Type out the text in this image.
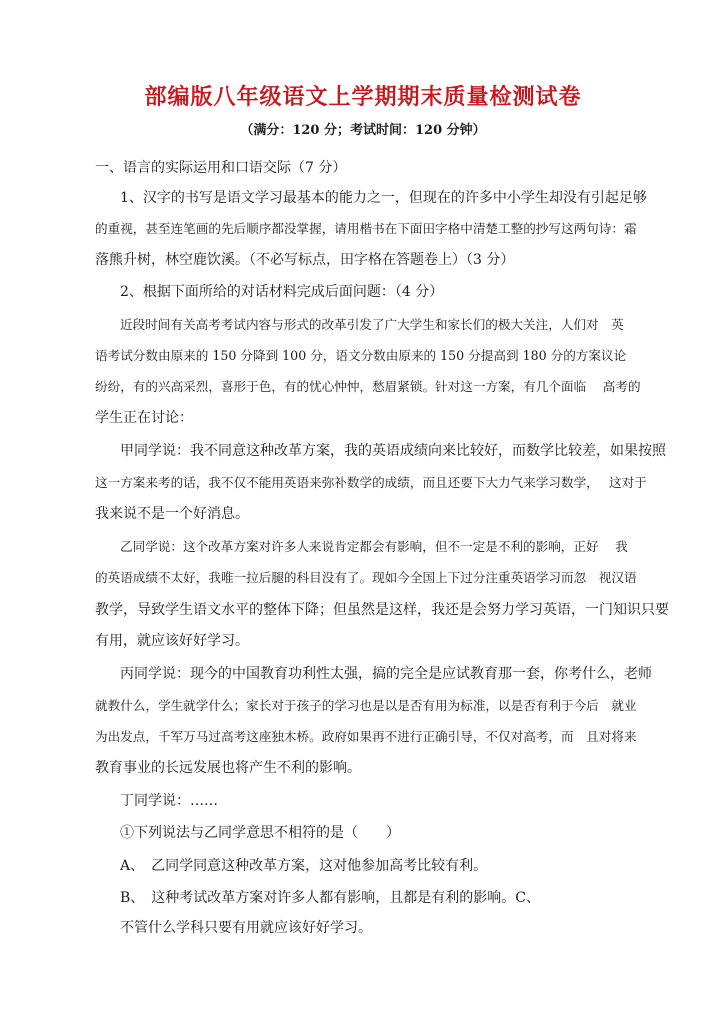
部编版八年级语文上学期期末质量检测试卷
（满分：120 分；考试时间：120 分钟）
一、语言的实际运用和口语交际（7 分）
1、汉字的书写是语文学习最基本的能力之一，但现在的许多中小学生却没有引起足够
的重视，甚至连笔画的先后顺序都没掌握，请用楷书在下面田字格中清楚工整的抄写这两句诗：霜
落熊升树，林空鹿饮溪。（不必写标点，田字格在答题卷上）（3 分）
2、根据下面所给的对话材料完成后面问题：（4 分）
近段时间有关高考考试内容与形式的改革引发了广大学生和家长们的极大关注，人们对　英
语考试分数由原来的 150 分降到 100 分，语文分数由原来的 150 分提高到 180 分的方案议论
纷纷，有的兴高采烈，喜形于色，有的忧心忡忡，愁眉紧锁。针对这一方案，有几个面临　 高考的
学生正在讨论：
甲同学说：我不同意这种改革方案，我的英语成绩向来比较好，而数学比较差，如果按照
这一方案来考的话，我不仅不能用英语来弥补数学的成绩，而且还要下大力气来学习数学，　 这对于
我来说不是一个好消息。
乙同学说：这个改革方案对许多人来说肯定都会有影响，但不一定是不利的影响，正好　 我
的英语成绩不太好，我唯一拉后腿的科目没有了。现如今全国上下过分注重英语学习而忽　视汉语
教学，导致学生语文水平的整体下降；但虽然是这样，我还是会努力学习英语，一门知识只要
有用，就应该好好学习。
丙同学说：现今的中国教育功利性太强，搞的完全是应试教育那一套，你考什么，老师
就教什么，学生就学什么；家长对于孩子的学习也是以是否有用为标准，以是否有利于今后　就业
为出发点，千军万马过高考这座独木桥。政府如果再不进行正确引导，不仅对高考，而　且对将来
教育事业的长远发展也将产生不利的影响。
丁同学说：……
①下列说法与乙同学意思不相符的是（　　）
A、　乙同学同意这种改革方案，这对他参加高考比较有利。
B、　这种考试改革方案对许多人都有影响，且都是有利的影响。C、
不管什么学科只要有用就应该好好学习。
